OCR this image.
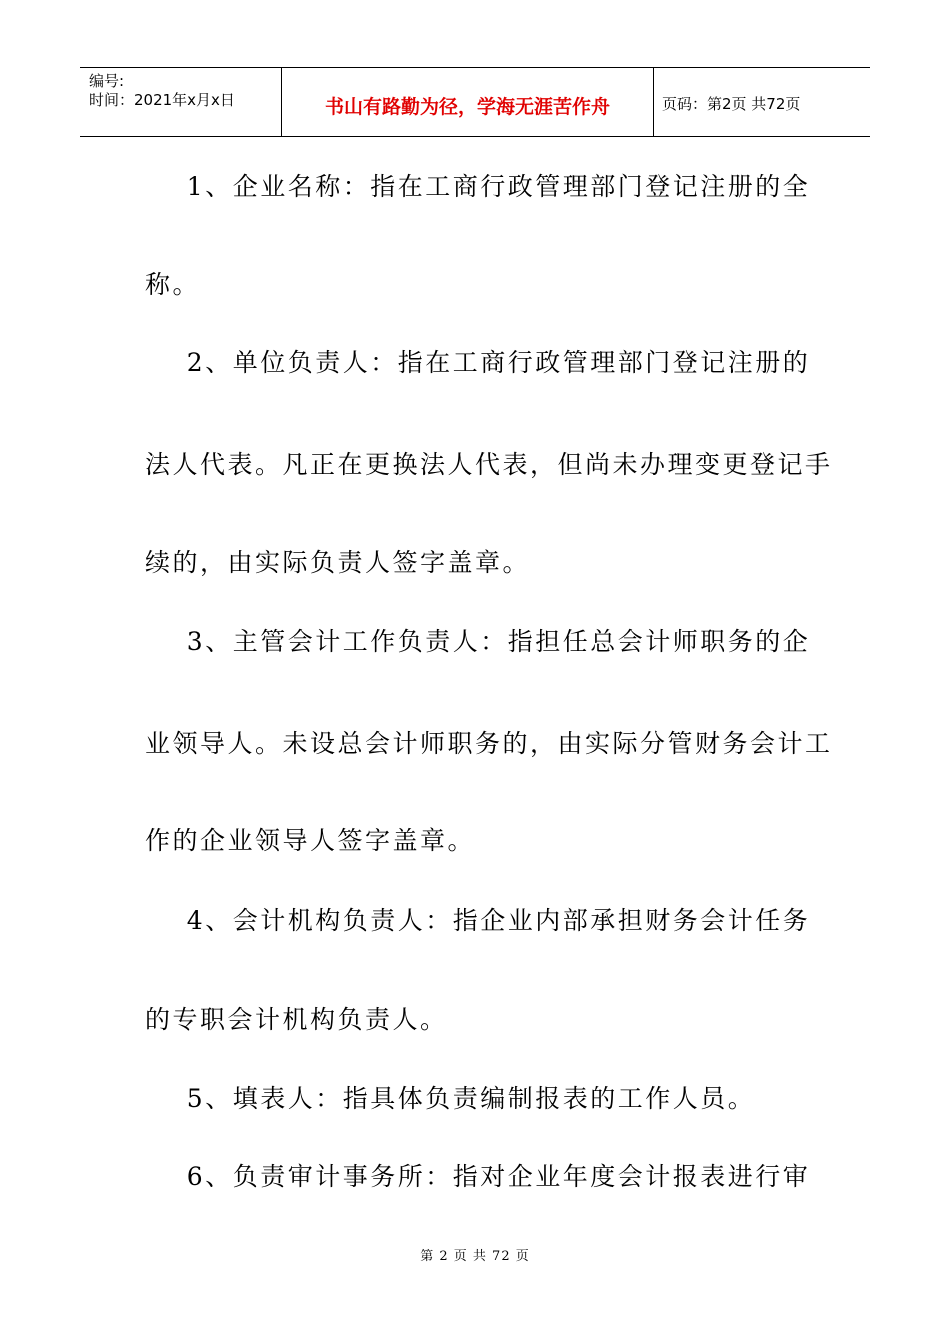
编号:
时间：2021年x月x日	书山有路勤为径，学海无涯苦作舟	页码：第2页 共72页
1、企业名称：指在工商行政管理部门登记注册的全
称。
2、单位负责人：指在工商行政管理部门登记注册的
法人代表。凡正在更换法人代表，但尚未办理变更登记手
续的，由实际负责人签字盖章。
3、主管会计工作负责人：指担任总会计师职务的企
业领导人。未设总会计师职务的，由实际分管财务会计工
作的企业领导人签字盖章。
4、会计机构负责人：指企业内部承担财务会计任务
的专职会计机构负责人。
5、填表人：指具体负责编制报表的工作人员。
6、负责审计事务所：指对企业年度会计报表进行审
第 2 页 共 72 页
